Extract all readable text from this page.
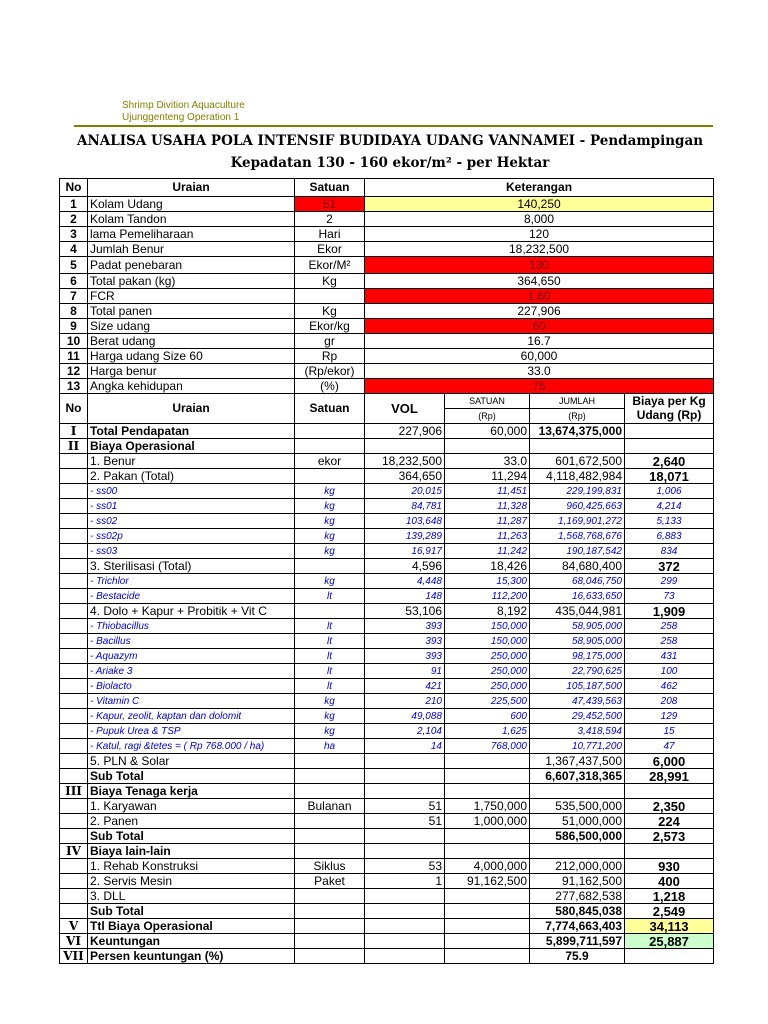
Shrimp Divition Aquaculture
Ujunggenteng Operation 1
ANALISA USAHA POLA INTENSIF BUDIDAYA UDANG VANNAMEI - Pendampingan
Kepadatan 130 - 160 ekor/m² - per Hektar
No	Uraian	Satuan	Keterangan			
1	Kolam Udang	51	140,250			
2	Kolam Tandon	2	8,000			
3	lama Pemeliharaan	Hari	120			
4	Jumlah Benur	Ekor	18,232,500			
5	Padat penebaran	Ekor/M²	130			
6	Total pakan (kg)	Kg	364,650			
7	FCR		1.60			
8	Total panen	Kg	227,906			
9	Size udang	Ekor/kg	60			
10	Berat udang	gr	16.7			
11	Harga udang Size 60	Rp	60,000			
12	Harga benur	(Rp/ekor)	33.0			
13	Angka kehidupan	(%)	75			
No	Uraian	Satuan	VOL	SATUAN	JUMLAH	Biaya per Kg
				(Rp)	(Rp)	Udang (Rp)
I	Total Pendapatan		227,906	60,000	13,674,375,000	
II	Biaya Operasional					
	1. Benur	ekor	18,232,500	33.0	601,672,500	2,640
	2. Pakan (Total)		364,650	11,294	4,118,482,984	18,071
	- ss00	kg	20,015	11,451	229,199,831	1,006
	- ss01	kg	84,781	11,328	960,425,663	4,214
	- ss02	kg	103,648	11,287	1,169,901,272	5,133
	- ss02p	kg	139,289	11,263	1,568,768,676	6,883
	- ss03	kg	16,917	11,242	190,187,542	834
	3. Sterilisasi (Total)		4,596	18,426	84,680,400	372
	- Trichlor	kg	4,448	15,300	68,046,750	299
	- Bestacide	lt	148	112,200	16,633,650	73
	4. Dolo + Kapur + Probitik + Vit C		53,106	8,192	435,044,981	1,909
	- Thiobacillus	lt	393	150,000	58,905,000	258
	- Bacillus	lt	393	150,000	58,905,000	258
	- Aquazym	lt	393	250,000	98,175,000	431
	- Ariake 3	lt	91	250,000	22,790,625	100
	- Biolacto	lt	421	250,000	105,187,500	462
	- Vitamin C	kg	210	225,500	47,439,563	208
	- Kapur, zeolit, kaptan dan dolomit	kg	49,088	600	29,452,500	129
	- Pupuk Urea & TSP	kg	2,104	1,625	3,418,594	15
	- Katul, ragi &tetes = ( Rp 768.000 / ha)	ha	14	768,000	10,771,200	47
	5. PLN & Solar				1,367,437,500	6,000
	Sub Total				6,607,318,365	28,991
III	Biaya Tenaga kerja					
	1. Karyawan	Bulanan	51	1,750,000	535,500,000	2,350
	2. Panen		51	1,000,000	51,000,000	224
	Sub Total				586,500,000	2,573
IV	Biaya lain-lain					
	1. Rehab Konstruksi	Siklus	53	4,000,000	212,000,000	930
	2. Servis Mesin	Paket	1	91,162,500	91,162,500	400
	3. DLL				277,682,538	1,218
	Sub Total				580,845,038	2,549
V	Ttl Biaya Operasional				7,774,663,403	34,113
VI	Keuntungan				5,899,711,597	25,887
VII	Persen keuntungan (%)				75.9	
